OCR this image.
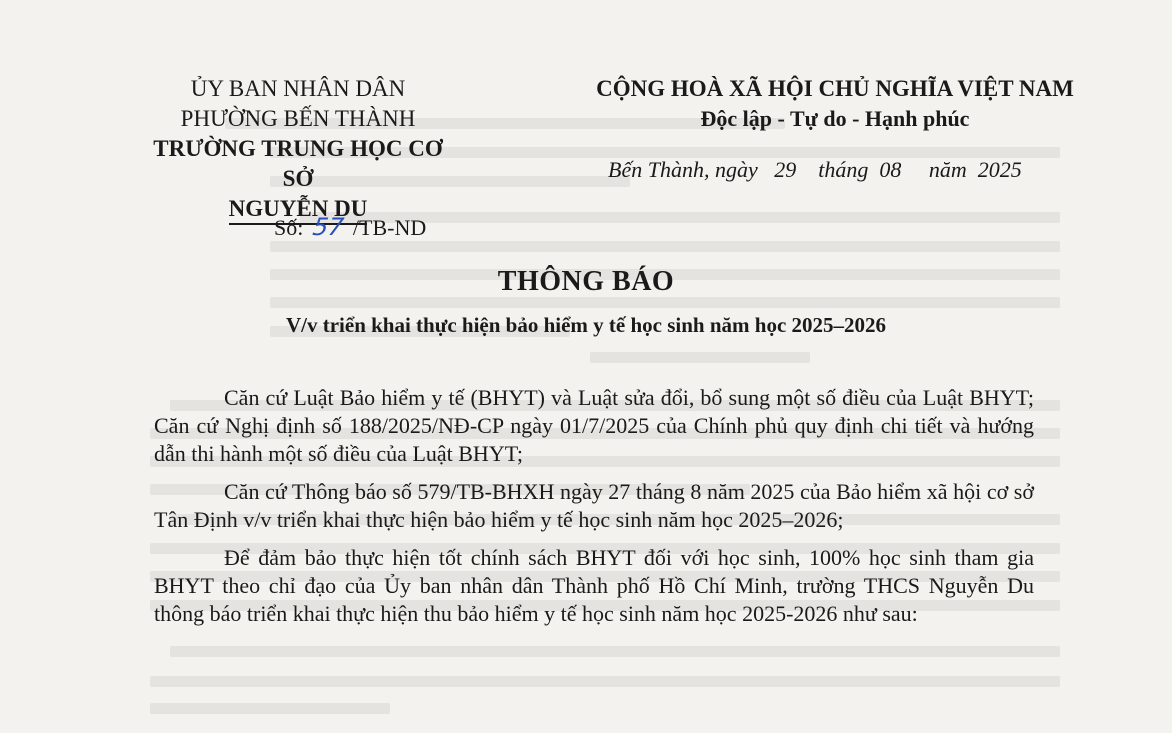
ỦY BAN NHÂN DÂN
PHƯỜNG BẾN THÀNH
TRƯỜNG TRUNG HỌC CƠ SỞ
NGUYỄN DU
CỘNG HOÀ XÃ HỘI CHỦ NGHĨA VIỆT NAM
Độc lập - Tự do - Hạnh phúc
Bến Thành, ngày 29 tháng 08 năm 2025
Số: 57 /TB-ND
THÔNG BÁO
V/v triển khai thực hiện bảo hiểm y tế học sinh năm học 2025–2026

Căn cứ Luật Bảo hiểm y tế (BHYT) và Luật sửa đổi, bổ sung một số điều của Luật BHYT; Căn cứ Nghị định số 188/2025/NĐ-CP ngày 01/7/2025 của Chính phủ quy định chi tiết và hướng dẫn thi hành một số điều của Luật BHYT;

Căn cứ Thông báo số 579/TB-BHXH ngày 27 tháng 8 năm 2025 của Bảo hiểm xã hội cơ sở Tân Định v/v triển khai thực hiện bảo hiểm y tế học sinh năm học 2025–2026;

Để đảm bảo thực hiện tốt chính sách BHYT đối với học sinh, 100% học sinh tham gia BHYT theo chỉ đạo của Ủy ban nhân dân Thành phố Hồ Chí Minh, trường THCS Nguyễn Du thông báo triển khai thực hiện thu bảo hiểm y tế học sinh năm học 2025-2026 như sau:
